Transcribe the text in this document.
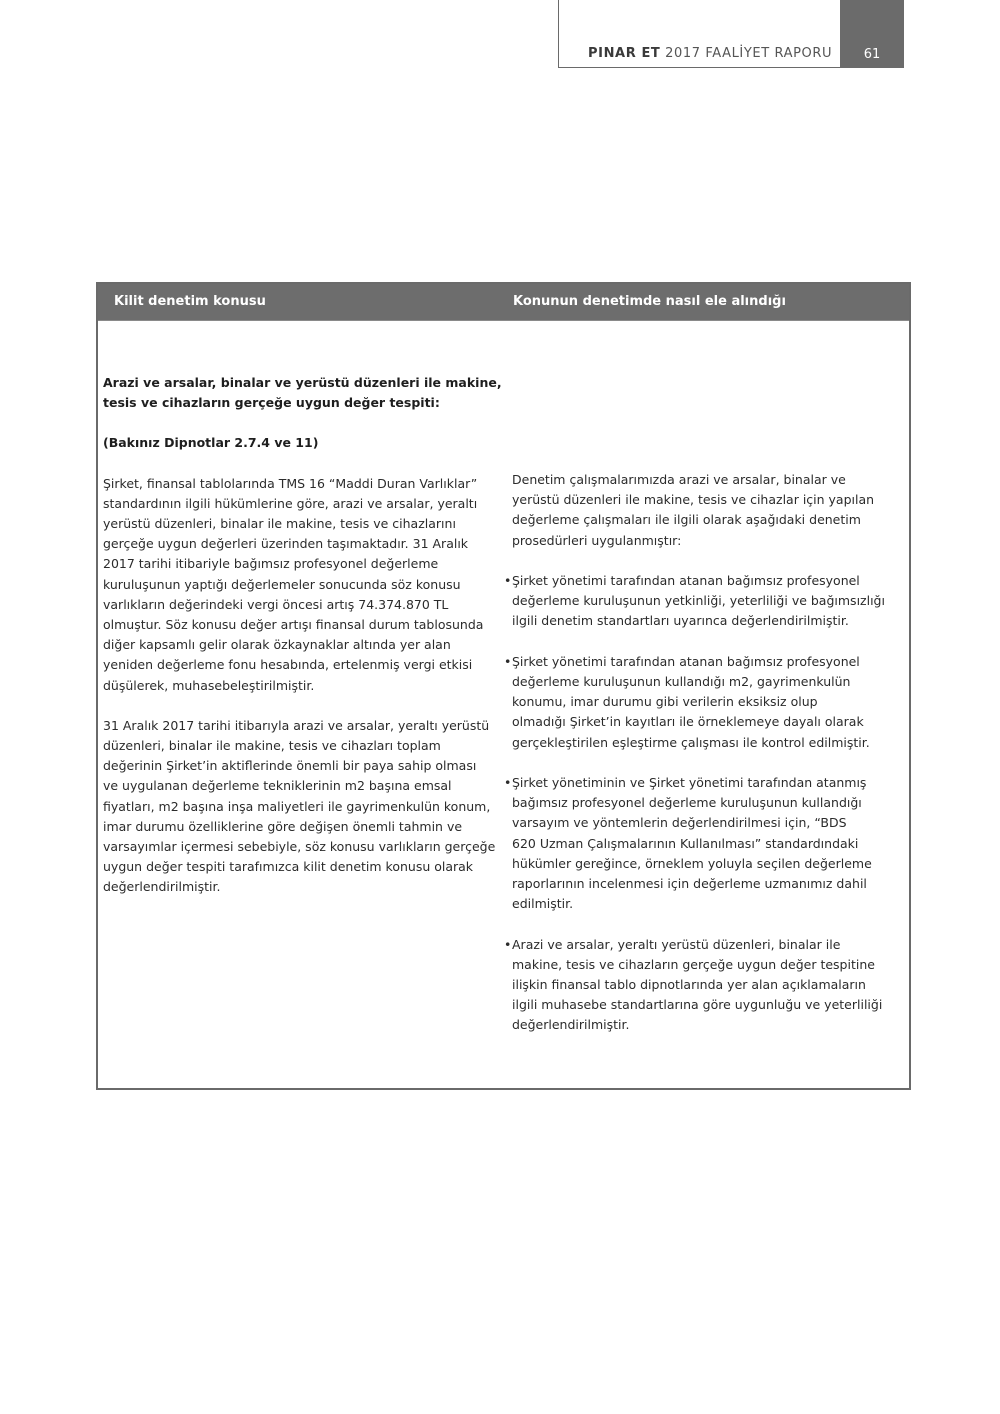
PINAR ET 2017 FAALİYET RAPORU	61
Kilit denetim konusu	Konunun denetimde nasıl ele alındığı

Arazi ve arsalar, binalar ve yerüstü düzenleri ile makine,
tesis ve cihazların gerçeğe uygun değer tespiti:

(Bakınız Dipnotlar 2.7.4 ve 11)

Şirket, finansal tablolarında TMS 16 “Maddi Duran Varlıklar”
standardının ilgili hükümlerine göre, arazi ve arsalar, yeraltı
yerüstü düzenleri, binalar ile makine, tesis ve cihazlarını
gerçeğe uygun değerleri üzerinden taşımaktadır. 31 Aralık
2017 tarihi itibariyle bağımsız profesyonel değerleme
kuruluşunun yaptığı değerlemeler sonucunda söz konusu
varlıkların değerindeki vergi öncesi artış 74.374.870 TL
olmuştur. Söz konusu değer artışı finansal durum tablosunda
diğer kapsamlı gelir olarak özkaynaklar altında yer alan
yeniden değerleme fonu hesabında, ertelenmiş vergi etkisi
düşülerek, muhasebeleştirilmiştir.

31 Aralık 2017 tarihi itibarıyla arazi ve arsalar, yeraltı yerüstü
düzenleri, binalar ile makine, tesis ve cihazları toplam
değerinin Şirket’in aktiflerinde önemli bir paya sahip olması
ve uygulanan değerleme tekniklerinin m2 başına emsal
fiyatları, m2 başına inşa maliyetleri ile gayrimenkulün konum,
imar durumu özelliklerine göre değişen önemli tahmin ve
varsayımlar içermesi sebebiyle, söz konusu varlıkların gerçeğe
uygun değer tespiti tarafımızca kilit denetim konusu olarak
değerlendirilmiştir.

Denetim çalışmalarımızda arazi ve arsalar, binalar ve
yerüstü düzenleri ile makine, tesis ve cihazlar için yapılan
değerleme çalışmaları ile ilgili olarak aşağıdaki denetim
prosedürleri uygulanmıştır:

• Şirket yönetimi tarafından atanan bağımsız profesyonel
değerleme kuruluşunun yetkinliği, yeterliliği ve bağımsızlığı
ilgili denetim standartları uyarınca değerlendirilmiştir.
• Şirket yönetimi tarafından atanan bağımsız profesyonel
değerleme kuruluşunun kullandığı m2, gayrimenkulün
konumu, imar durumu gibi verilerin eksiksiz olup
olmadığı Şirket’in kayıtları ile örneklemeye dayalı olarak
gerçekleştirilen eşleştirme çalışması ile kontrol edilmiştir.
• Şirket yönetiminin ve Şirket yönetimi tarafından atanmış
bağımsız profesyonel değerleme kuruluşunun kullandığı
varsayım ve yöntemlerin değerlendirilmesi için, “BDS
620 Uzman Çalışmalarının Kullanılması” standardındaki
hükümler gereğince, örneklem yoluyla seçilen değerleme
raporlarının incelenmesi için değerleme uzmanımız dahil
edilmiştir.
• Arazi ve arsalar, yeraltı yerüstü düzenleri, binalar ile
makine, tesis ve cihazların gerçeğe uygun değer tespitine
ilişkin finansal tablo dipnotlarında yer alan açıklamaların
ilgili muhasebe standartlarına göre uygunluğu ve yeterliliği
değerlendirilmiştir.
